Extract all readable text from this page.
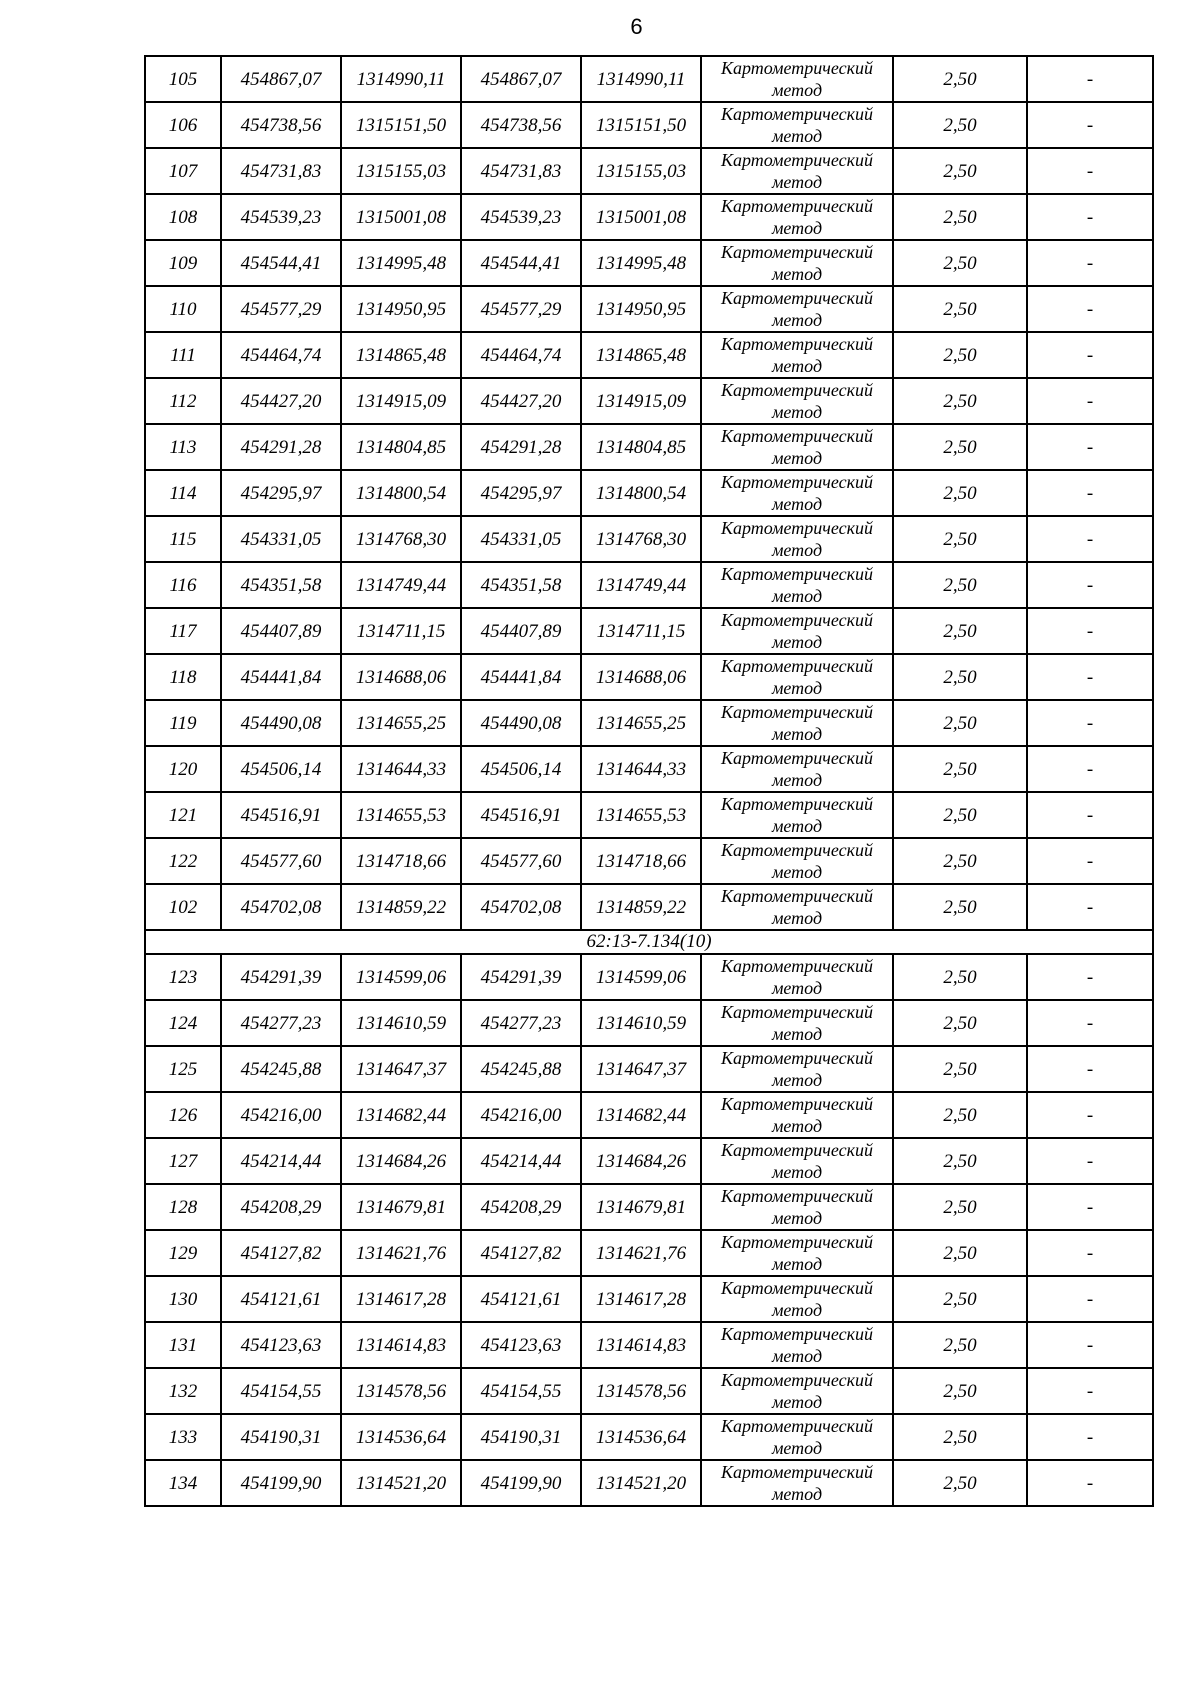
6
105	454867,07	1314990,11	454867,07	1314990,11	Картометрический
метод	2,50	-
106	454738,56	1315151,50	454738,56	1315151,50	Картометрический
метод	2,50	-
107	454731,83	1315155,03	454731,83	1315155,03	Картометрический
метод	2,50	-
108	454539,23	1315001,08	454539,23	1315001,08	Картометрический
метод	2,50	-
109	454544,41	1314995,48	454544,41	1314995,48	Картометрический
метод	2,50	-
110	454577,29	1314950,95	454577,29	1314950,95	Картометрический
метод	2,50	-
111	454464,74	1314865,48	454464,74	1314865,48	Картометрический
метод	2,50	-
112	454427,20	1314915,09	454427,20	1314915,09	Картометрический
метод	2,50	-
113	454291,28	1314804,85	454291,28	1314804,85	Картометрический
метод	2,50	-
114	454295,97	1314800,54	454295,97	1314800,54	Картометрический
метод	2,50	-
115	454331,05	1314768,30	454331,05	1314768,30	Картометрический
метод	2,50	-
116	454351,58	1314749,44	454351,58	1314749,44	Картометрический
метод	2,50	-
117	454407,89	1314711,15	454407,89	1314711,15	Картометрический
метод	2,50	-
118	454441,84	1314688,06	454441,84	1314688,06	Картометрический
метод	2,50	-
119	454490,08	1314655,25	454490,08	1314655,25	Картометрический
метод	2,50	-
120	454506,14	1314644,33	454506,14	1314644,33	Картометрический
метод	2,50	-
121	454516,91	1314655,53	454516,91	1314655,53	Картометрический
метод	2,50	-
122	454577,60	1314718,66	454577,60	1314718,66	Картометрический
метод	2,50	-
102	454702,08	1314859,22	454702,08	1314859,22	Картометрический
метод	2,50	-
62:13-7.134(10)							
123	454291,39	1314599,06	454291,39	1314599,06	Картометрический
метод	2,50	-
124	454277,23	1314610,59	454277,23	1314610,59	Картометрический
метод	2,50	-
125	454245,88	1314647,37	454245,88	1314647,37	Картометрический
метод	2,50	-
126	454216,00	1314682,44	454216,00	1314682,44	Картометрический
метод	2,50	-
127	454214,44	1314684,26	454214,44	1314684,26	Картометрический
метод	2,50	-
128	454208,29	1314679,81	454208,29	1314679,81	Картометрический
метод	2,50	-
129	454127,82	1314621,76	454127,82	1314621,76	Картометрический
метод	2,50	-
130	454121,61	1314617,28	454121,61	1314617,28	Картометрический
метод	2,50	-
131	454123,63	1314614,83	454123,63	1314614,83	Картометрический
метод	2,50	-
132	454154,55	1314578,56	454154,55	1314578,56	Картометрический
метод	2,50	-
133	454190,31	1314536,64	454190,31	1314536,64	Картометрический
метод	2,50	-
134	454199,90	1314521,20	454199,90	1314521,20	Картометрический
метод	2,50	-
